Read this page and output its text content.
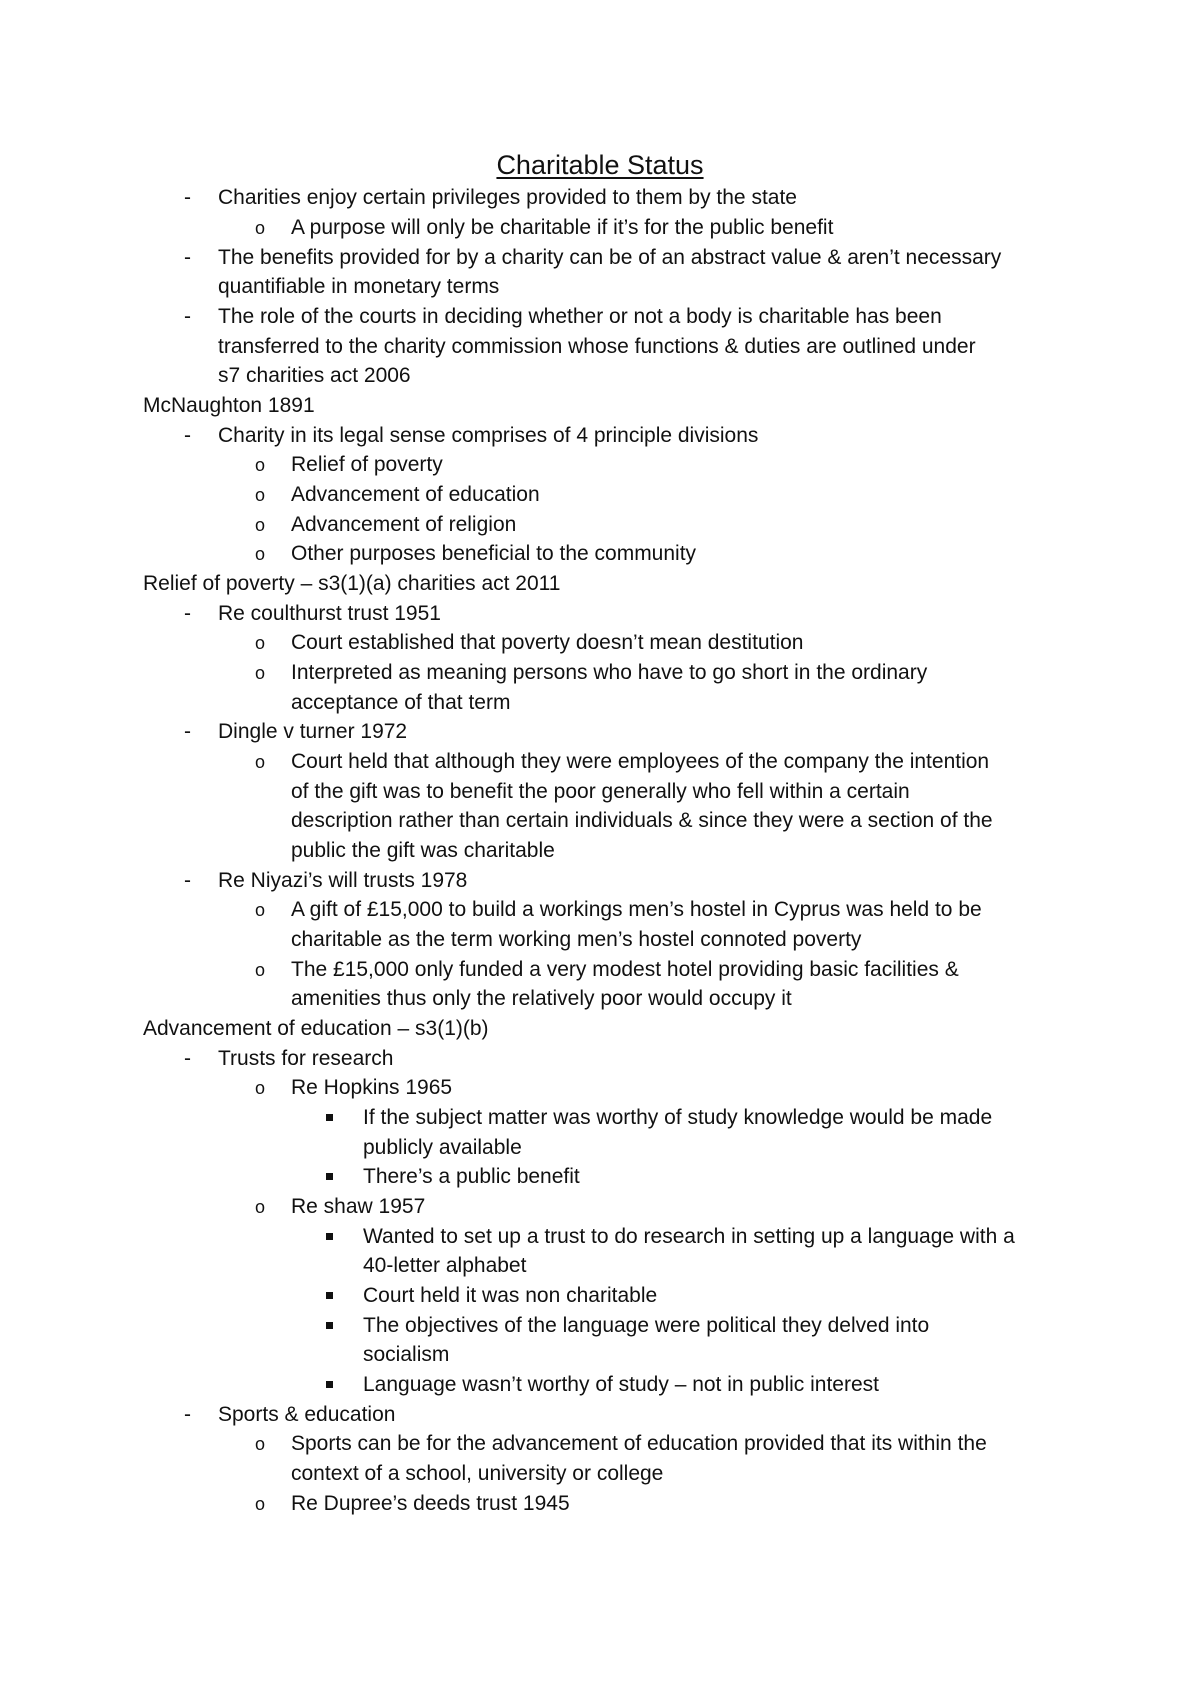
Charitable Status
- Charities enjoy certain privileges provided to them by the state
o A purpose will only be charitable if it’s for the public benefit
- The benefits provided for by a charity can be of an abstract value & aren’t necessary
quantifiable in monetary terms
- The role of the courts in deciding whether or not a body is charitable has been
transferred to the charity commission whose functions & duties are outlined under
s7 charities act 2006
McNaughton 1891
- Charity in its legal sense comprises of 4 principle divisions
o Relief of poverty
o Advancement of education
o Advancement of religion
o Other purposes beneficial to the community
Relief of poverty – s3(1)(a) charities act 2011
- Re coulthurst trust 1951
o Court established that poverty doesn’t mean destitution
o Interpreted as meaning persons who have to go short in the ordinary
acceptance of that term
- Dingle v turner 1972
o Court held that although they were employees of the company the intention
of the gift was to benefit the poor generally who fell within a certain
description rather than certain individuals & since they were a section of the
public the gift was charitable
- Re Niyazi’s will trusts 1978
o A gift of £15,000 to build a workings men’s hostel in Cyprus was held to be
charitable as the term working men’s hostel connoted poverty
o The £15,000 only funded a very modest hotel providing basic facilities &
amenities thus only the relatively poor would occupy it
Advancement of education – s3(1)(b)
- Trusts for research
o Re Hopkins 1965
If the subject matter was worthy of study knowledge would be made
publicly available
There’s a public benefit
o Re shaw 1957
Wanted to set up a trust to do research in setting up a language with a
40-letter alphabet
Court held it was non charitable
The objectives of the language were political they delved into
socialism
Language wasn’t worthy of study – not in public interest
- Sports & education
o Sports can be for the advancement of education provided that its within the
context of a school, university or college
o Re Dupree’s deeds trust 1945
